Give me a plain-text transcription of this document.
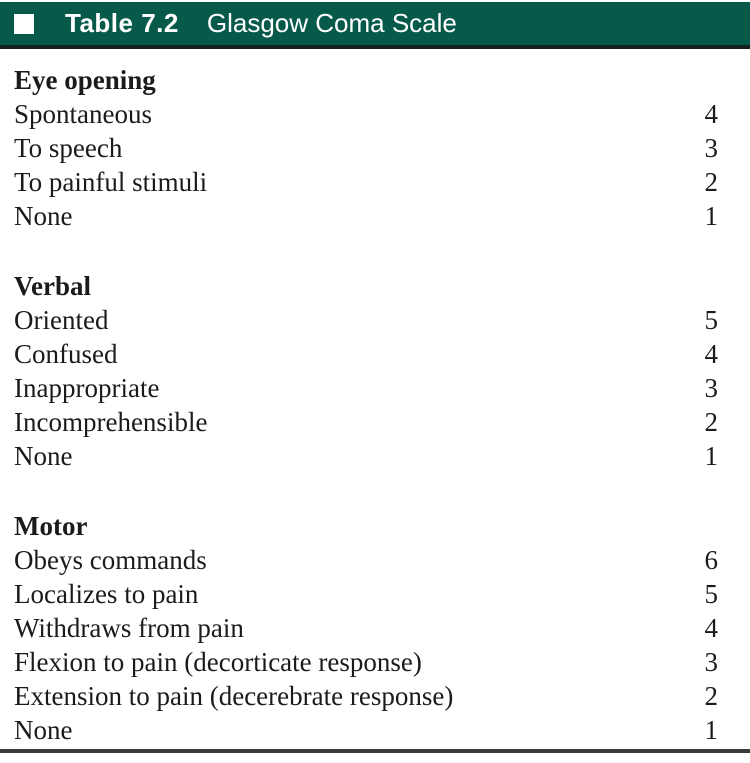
Table 7.2 Glasgow Coma Scale
Eye opening
Spontaneous	4
To speech	3
To painful stimuli	2
None	1
Verbal
Oriented	5
Confused	4
Inappropriate	3
Incomprehensible	2
None	1
Motor
Obeys commands	6
Localizes to pain	5
Withdraws from pain	4
Flexion to pain (decorticate response)	3
Extension to pain (decerebrate response)	2
None	1
